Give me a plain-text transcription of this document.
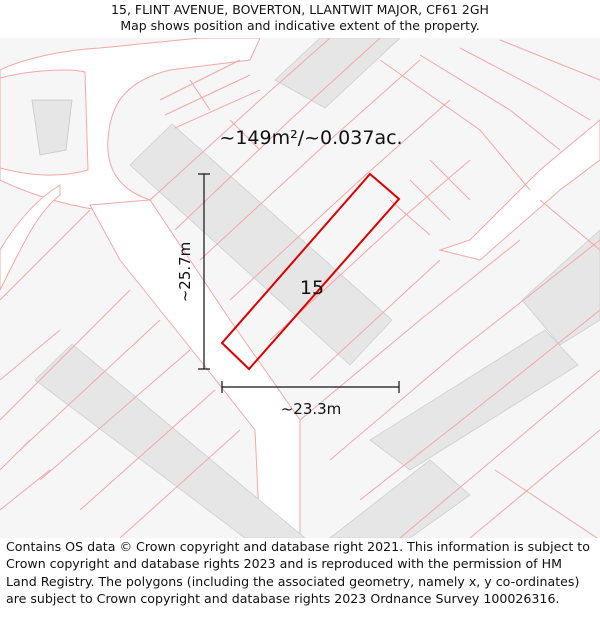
15, FLINT AVENUE, BOVERTON, LLANTWIT MAJOR, CF61 2GH
Map shows position and indicative extent of the property.
~149m²/~0.037ac.
15
~25.7m
~23.3m
Contains OS data © Crown copyright and database right 2021. This information is subject to Crown copyright and database rights 2023 and is reproduced with the permission of HM Land Registry. The polygons (including the associated geometry, namely x, y co-ordinates) are subject to Crown copyright and database rights 2023 Ordnance Survey 100026316.
